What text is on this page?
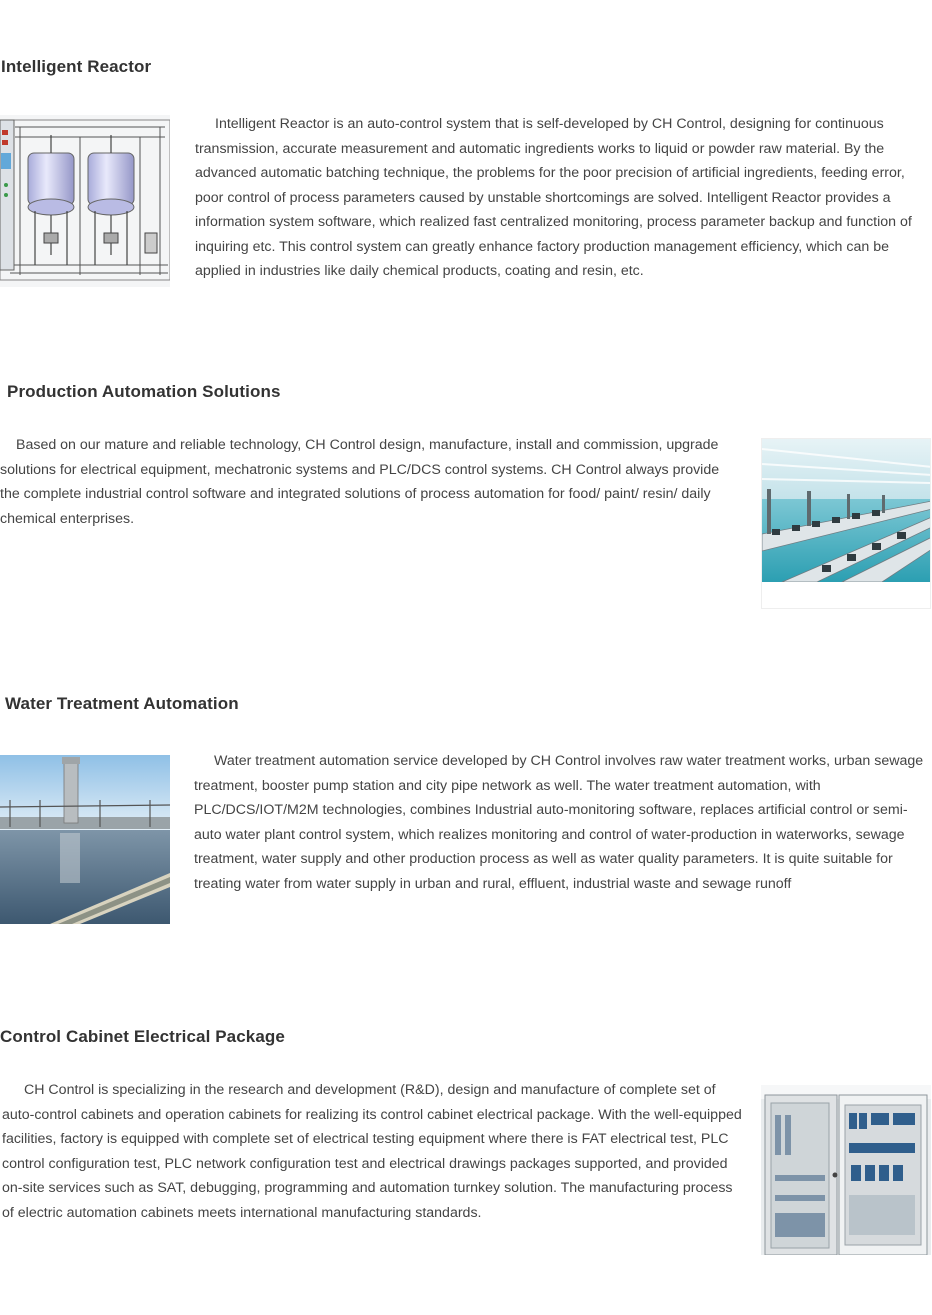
Intelligent Reactor

Intelligent Reactor is an auto-control system that is self-developed by CH Control, designing for continuous transmission, accurate measurement and automatic ingredients works to liquid or powder raw material. By the advanced automatic batching technique, the problems for the poor precision of artificial ingredients, feeding error, poor control of process parameters caused by unstable shortcomings are solved. Intelligent Reactor provides a information system software, which realized fast centralized monitoring, process parameter backup and function of inquiring etc. This control system can greatly enhance factory production management efficiency, which can be applied in industries like daily chemical products, coating and resin, etc.

Production Automation Solutions

Based on our mature and reliable technology, CH Control design, manufacture, install and commission, upgrade solutions for electrical equipment, mechatronic systems and PLC/DCS control systems. CH Control always provide the complete industrial control software and integrated solutions of process automation for food/ paint/ resin/ daily chemical enterprises.

Water Treatment Automation

Water treatment automation service developed by CH Control involves raw water treatment works, urban sewage treatment, booster pump station and city pipe network as well. The water treatment automation, with PLC/DCS/IOT/M2M technologies, combines Industrial auto-monitoring software, replaces artificial control or semi-auto water plant control system, which realizes monitoring and control of water-production in waterworks, sewage treatment, water supply and other production process as well as water quality parameters. It is quite suitable for treating water from water supply in urban and rural, effluent, industrial waste and sewage runoff

Control Cabinet Electrical Package

CH Control is specializing in the research and development (R&D), design and manufacture of complete set of auto-control cabinets and operation cabinets for realizing its control cabinet electrical package. With the well-equipped facilities, factory is equipped with complete set of electrical testing equipment where there is FAT electrical test, PLC control configuration test, PLC network configuration test and electrical drawings packages supported, and provided on-site services such as SAT, debugging, programming and automation turnkey solution. The manufacturing process of electric automation cabinets meets international manufacturing standards.
